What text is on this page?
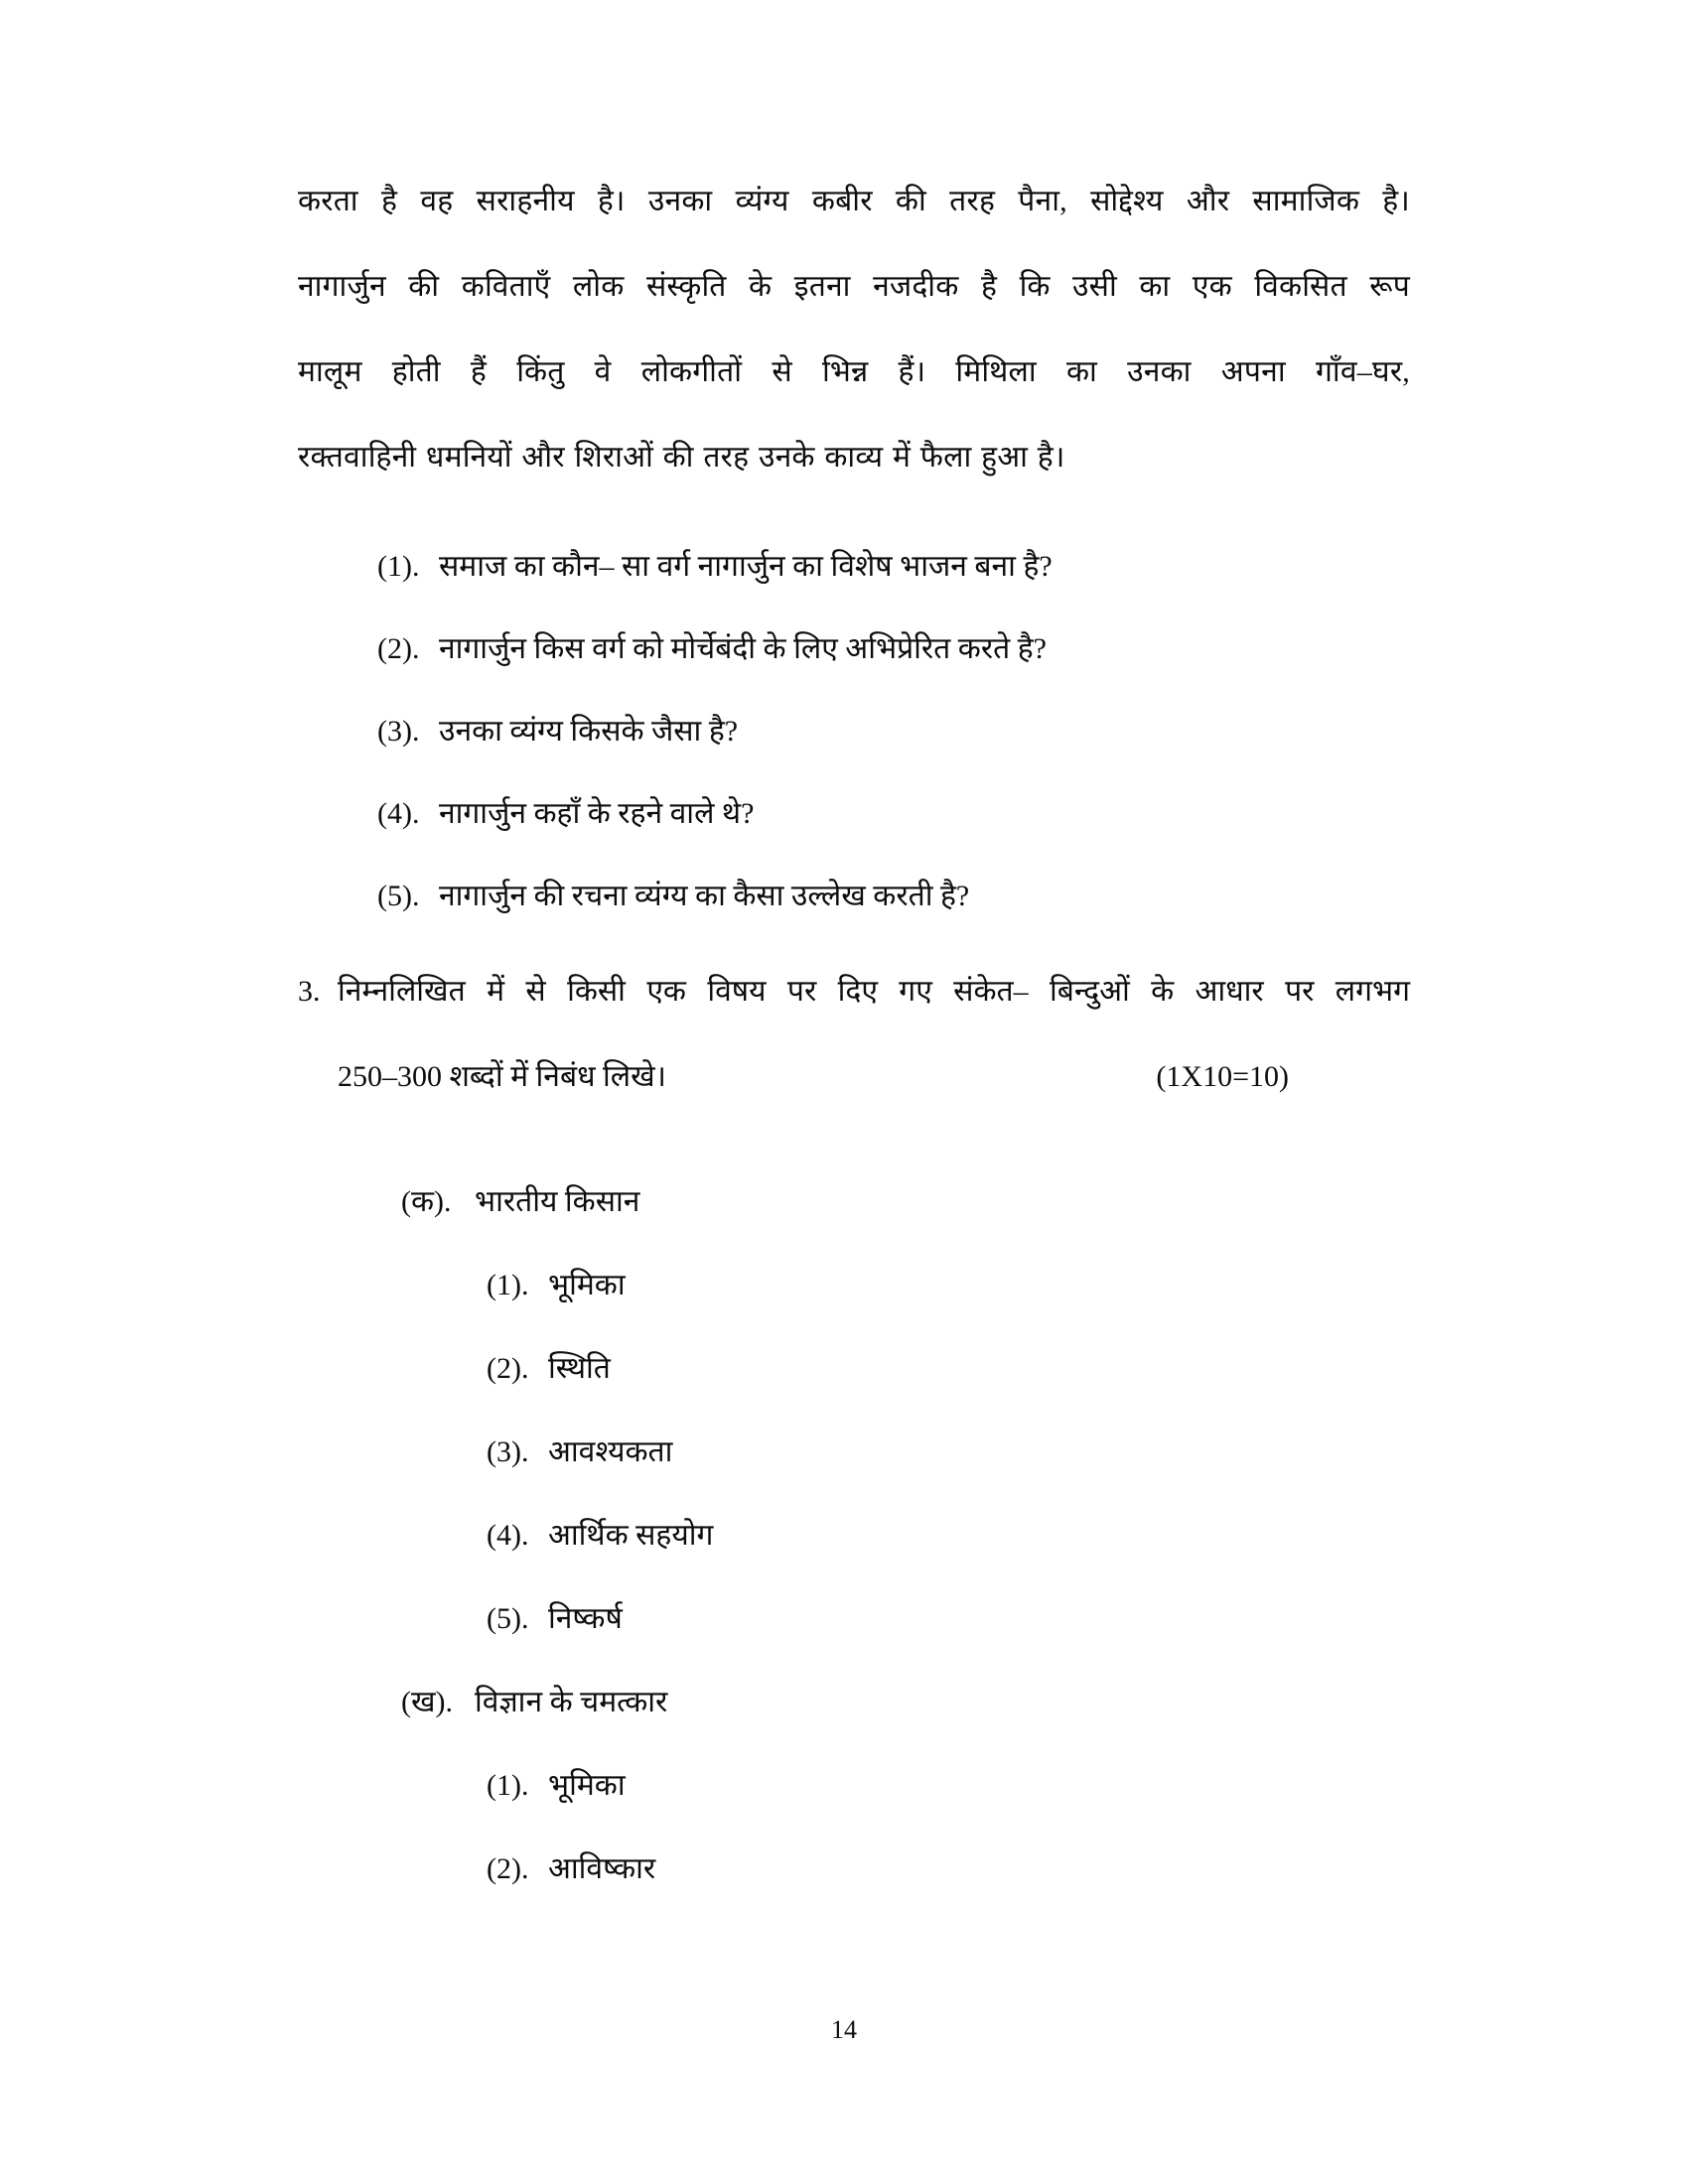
करता है वह सराहनीय है। उनका व्यंग्य कबीर की तरह पैना, सोद्देश्य और सामाजिक है।
नागार्जुन की कविताएँ लोक संस्कृति के इतना नजदीक है कि उसी का एक विकसित रूप
मालूम होती हैं किंतु वे लोकगीतों से भिन्न हैं। मिथिला का उनका अपना गाँव–घर,
रक्तवाहिनी धमनियों और शिराओं की तरह उनके काव्य में फैला हुआ है।
(1). समाज का कौन– सा वर्ग नागार्जुन का विशेष भाजन बना है?
(2). नागार्जुन किस वर्ग को मोर्चेबंदी के लिए अभिप्रेरित करते है?
(3). उनका व्यंग्य किसके जैसा है?
(4). नागार्जुन कहाँ के रहने वाले थे?
(5). नागार्जुन की रचना व्यंग्य का कैसा उल्लेख करती है?
3. निम्नलिखित में से किसी एक विषय पर दिए गए संकेत– बिन्दुओं के आधार पर लगभग
250–300 शब्दों में निबंध लिखे।	(1X10=10)
(क). भारतीय किसान
(1). भूमिका
(2). स्थिति
(3). आवश्यकता
(4). आर्थिक सहयोग
(5). निष्कर्ष
(ख). विज्ञान के चमत्कार
(1). भूमिका
(2). आविष्कार
14
